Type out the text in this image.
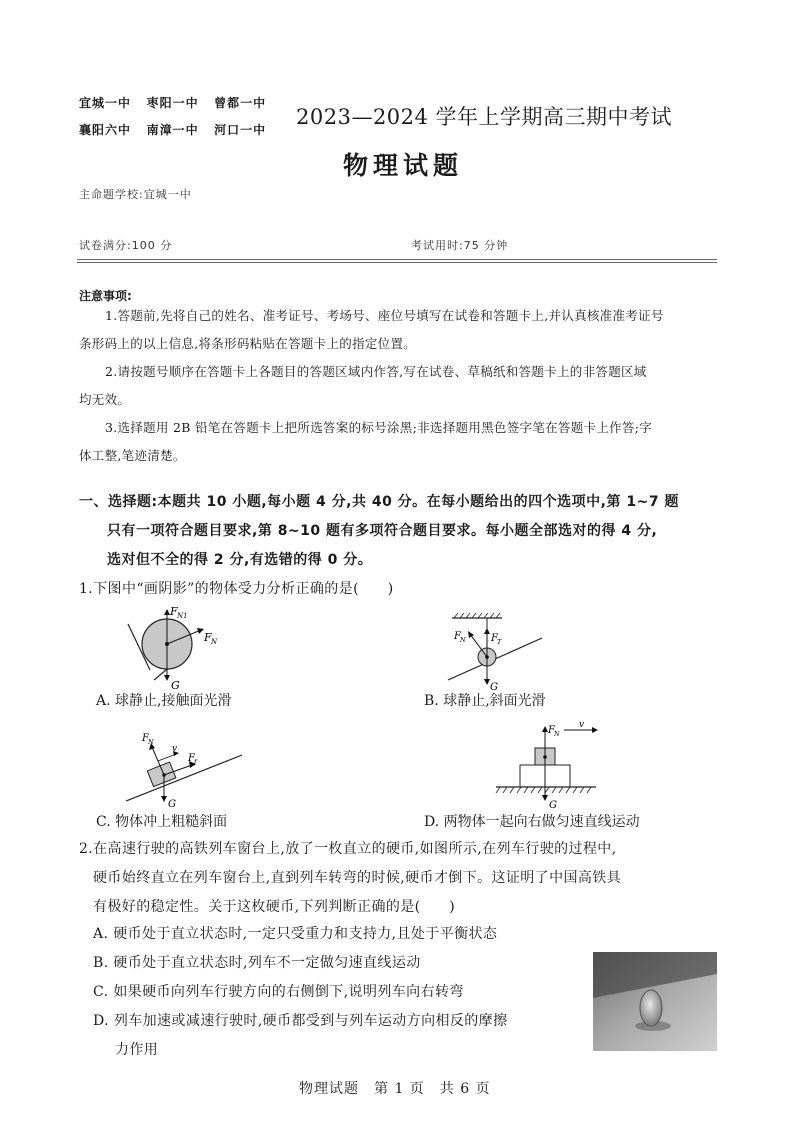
宜城一中 枣阳一中 曾都一中
襄阳六中 南漳一中 河口一中
2023—2024 学年上学期高三期中考试
物理试题
主命题学校:宜城一中
试卷满分:100 分	考试用时:75 分钟
注意事项:
1.答题前,先将自己的姓名、准考证号、考场号、座位号填写在试卷和答题卡上,并认真核准准考证号
条形码上的以上信息,将条形码粘贴在答题卡上的指定位置。
2.请按题号顺序在答题卡上各题目的答题区域内作答,写在试卷、草稿纸和答题卡上的非答题区域
均无效。
3.选择题用 2B 铅笔在答题卡上把所选答案的标号涂黑;非选择题用黑色签字笔在答题卡上作答;字
体工整,笔迹清楚。
一、选择题:本题共 10 小题,每小题 4 分,共 40 分。在每小题给出的四个选项中,第 1~7 题
只有一项符合题目要求,第 8~10 题有多项符合题目要求。每小题全部选对的得 4 分,
选对但不全的得 2 分,有选错的得 0 分。
1.下图中“画阴影”的物体受力分析正确的是(　　)
F N1
F N
G
A. 球静止,接触面光滑
F N	F T
G
B. 球静止,斜面光滑
F N
v
F f
G
C. 物体冲上粗糙斜面
F N
v
G
D. 两物体一起向右做匀速直线运动
2.在高速行驶的高铁列车窗台上,放了一枚直立的硬币,如图所示,在列车行驶的过程中,
硬币始终直立在列车窗台上,直到列车转弯的时候,硬币才倒下。这证明了中国高铁具
有极好的稳定性。关于这枚硬币,下列判断正确的是(　　)
A. 硬币处于直立状态时,一定只受重力和支持力,且处于平衡状态
B. 硬币处于直立状态时,列车不一定做匀速直线运动
C. 如果硬币向列车行驶方向的右侧倒下,说明列车向右转弯
D. 列车加速或减速行驶时,硬币都受到与列车运动方向相反的摩擦
力作用
物理试题　第 1 页　共 6 页
